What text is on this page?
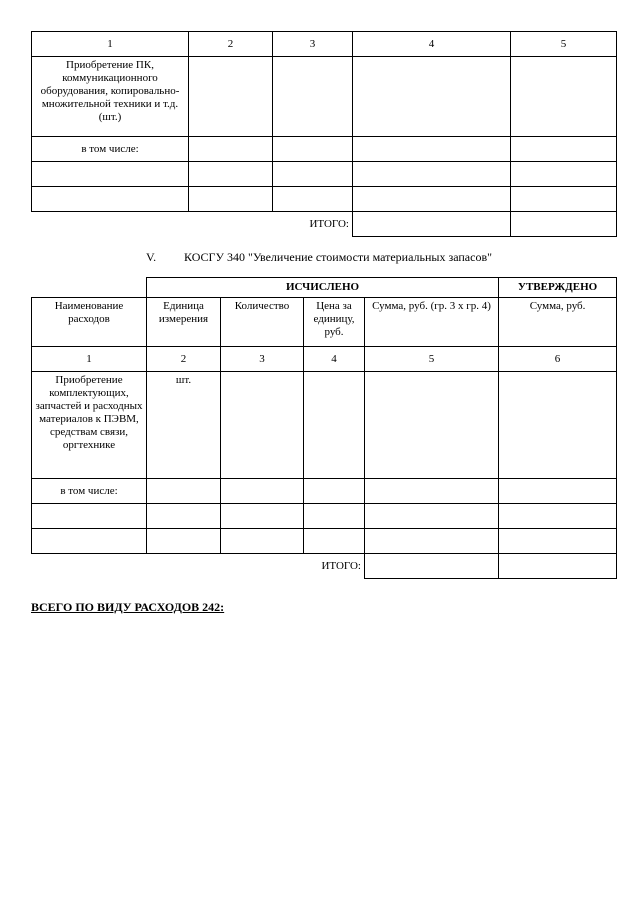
1	2	3	4	5
Приобретение ПК, коммуникационного оборудования, копировально-множительной техники и т.д. (шт.)				
в том числе:				

ИТОГО:				
V. КОСГУ 340 "Увеличение стоимости материальных запасов"
	ИСЧИСЛЕНО				УТВЕРЖДЕНО
Наименование расходов	Единица измерения	Количество	Цена за единицу, руб.	Сумма, руб. (гр. 3 х гр. 4)	Сумма, руб.
1	2	3	4	5	6
Приобретение комплектующих, запчастей и расходных материалов к ПЭВМ, средствам связи, оргтехнике	шт.				
в том числе:					

ИТОГО:					
ВСЕГО ПО ВИДУ РАСХОДОВ 242:
